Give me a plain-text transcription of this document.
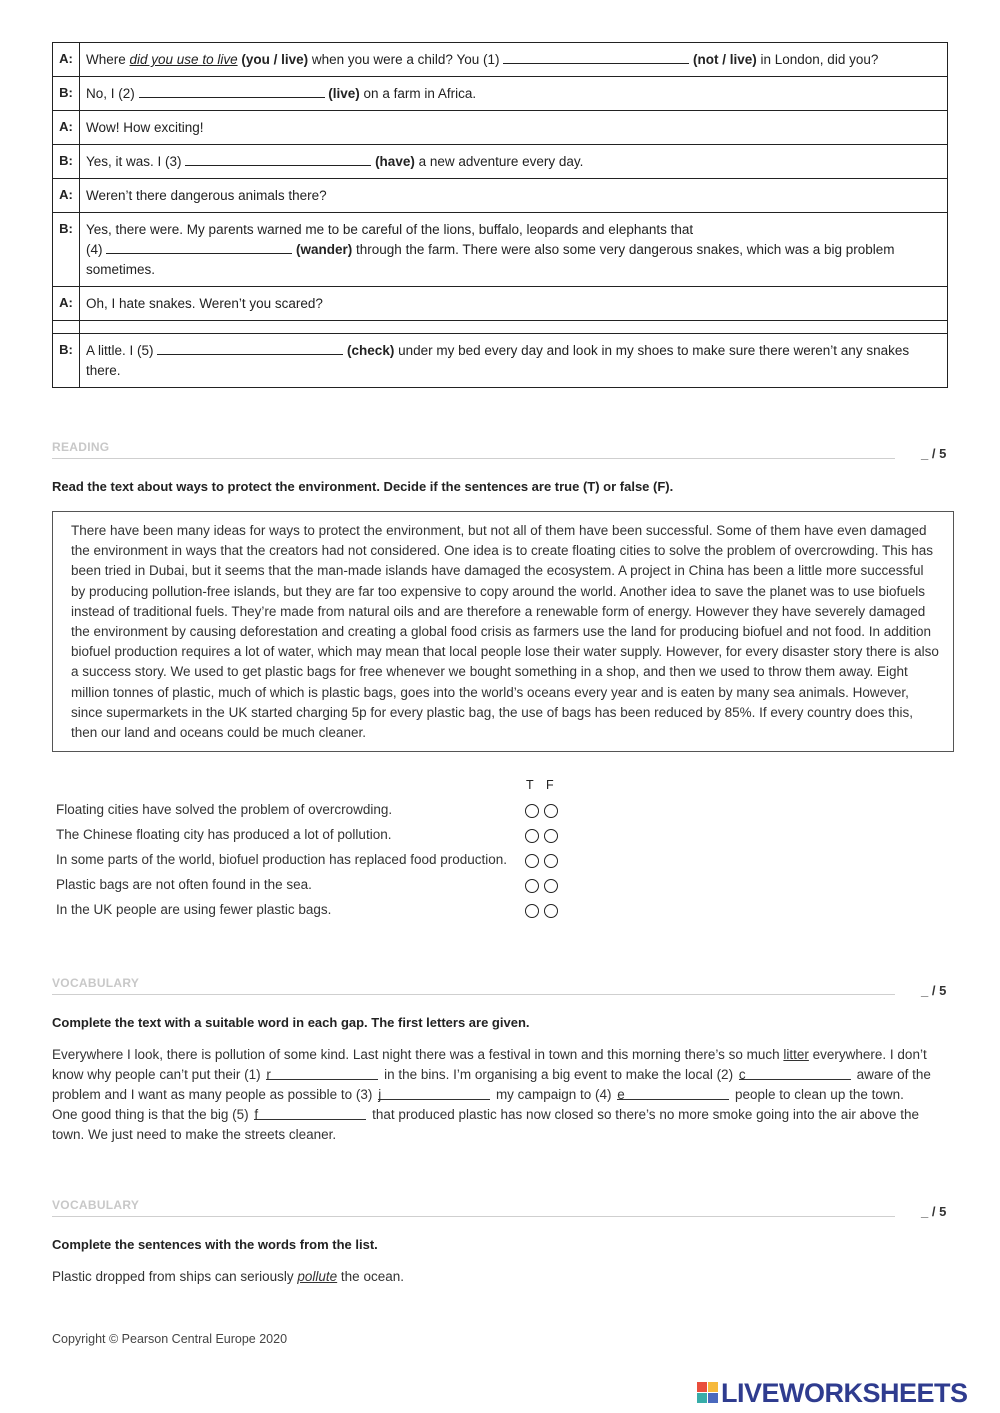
A:	Where did you use to live (you / live) when you were a child? You (1) (not / live) in London, did you?
B:	No, I (2) (live) on a farm in Africa.
A:	Wow! How exciting!
B:	Yes, it was. I (3) (have) a new adventure every day.
A:	Weren’t there dangerous animals there?
B:	Yes, there were. My parents warned me to be careful of the lions, buffalo, leopards and elephants that
(4) (wander) through the farm. There were also some very dangerous snakes, which was a big problem sometimes.
A:	Oh, I hate snakes. Weren’t you scared?

B:	A little. I (5) (check) under my bed every day and look in my shoes to make sure there weren’t any snakes there.
READING	_ / 5
Read the text about ways to protect the environment. Decide if the sentences are true (T) or false (F).
There have been many ideas for ways to protect the environment, but not all of them have been successful. Some of them have even damaged the environment in ways that the creators had not considered. One idea is to create floating cities to solve the problem of overcrowding. This has been tried in Dubai, but it seems that the man-made islands have damaged the ecosystem. A project in China has been a little more successful by producing pollution-free islands, but they are far too expensive to copy around the world. Another idea to save the planet was to use biofuels instead of traditional fuels. They’re made from natural oils and are therefore a renewable form of energy. However they have severely damaged the environment by causing deforestation and creating a global food crisis as farmers use the land for producing biofuel and not food. In addition biofuel production requires a lot of water, which may mean that local people lose their water supply. However, for every disaster story there is also a success story. We used to get plastic bags for free whenever we bought something in a shop, and then we used to throw them away. Eight million tonnes of plastic, much of which is plastic bags, goes into the world’s oceans every year and is eaten by many sea animals. However, since supermarkets in the UK started charging 5p for every plastic bag, the use of bags has been reduced by 85%. If every country does this, then our land and oceans could be much cleaner.
T F
Floating cities have solved the problem of overcrowding.
The Chinese floating city has produced a lot of pollution.
In some parts of the world, biofuel production has replaced food production.
Plastic bags are not often found in the sea.
In the UK people are using fewer plastic bags.
VOCABULARY	_ / 5
Complete the text with a suitable word in each gap. The first letters are given.
Everywhere I look, there is pollution of some kind. Last night there was a festival in town and this morning there’s so much litter everywhere. I don’t know why people can’t put their (1) r	in the bins. I’m organising a big event to make the local (2) c	aware of the problem and I want as many people as possible to (3) j	my campaign to (4) e	people to clean up the town. One good thing is that the big (5) f	that produced plastic has now closed so there’s no more smoke going into the air above the town. We just need to make the streets cleaner.
VOCABULARY	_ / 5
Complete the sentences with the words from the list.
Plastic dropped from ships can seriously pollute the ocean.
Copyright © Pearson Central Europe 2020
LIVEWORKSHEETS
